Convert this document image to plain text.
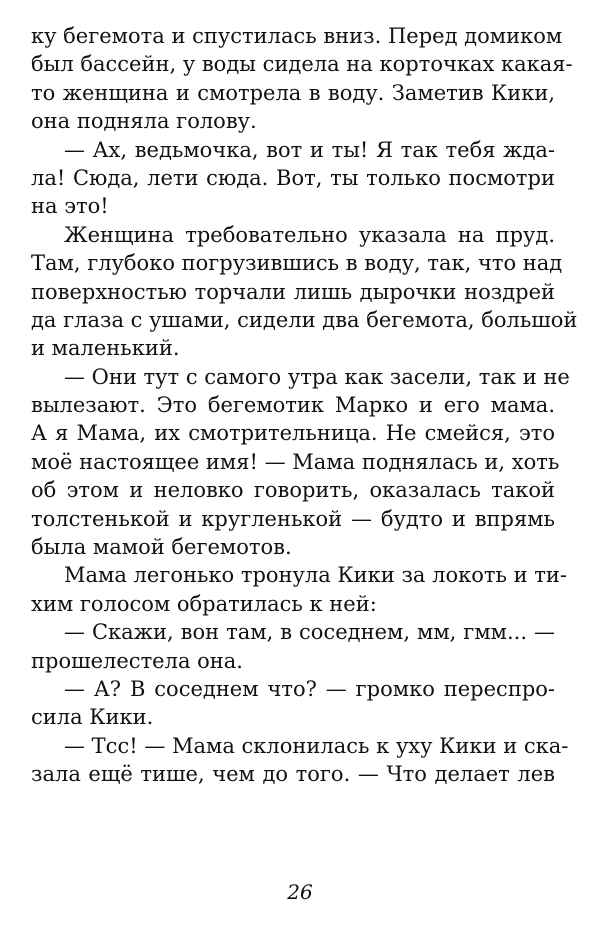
ку бегемота и спустилась вниз. Перед домиком
был бассейн, у воды сидела на корточках какая-
то женщина и смотрела в воду. Заметив Кики,
она подняла голову.
— Ах, ведьмочка, вот и ты! Я так тебя жда-
ла! Сюда, лети сюда. Вот, ты только посмотри
на это!
Женщина требовательно указала на пруд.
Там, глубоко погрузившись в воду, так, что над
поверхностью торчали лишь дырочки ноздрей
да глаза с ушами, сидели два бегемота, большой
и маленький.
— Они тут с самого утра как засели, так и не
вылезают. Это бегемотик Марко и его мама.
А я Мама, их смотрительница. Не смейся, это
моё настоящее имя! — Мама поднялась и, хоть
об этом и неловко говорить, оказалась такой
толстенькой и кругленькой — будто и впрямь
была мамой бегемотов.
Мама легонько тронула Кики за локоть и ти-
хим голосом обратилась к ней:
— Скажи, вон там, в соседнем, мм, гмм... —
прошелестела она.
— А? В соседнем что? — громко переспро-
сила Кики.
— Тсс! — Мама склонилась к уху Кики и ска-
зала ещё тише, чем до того. — Что делает лев
26
